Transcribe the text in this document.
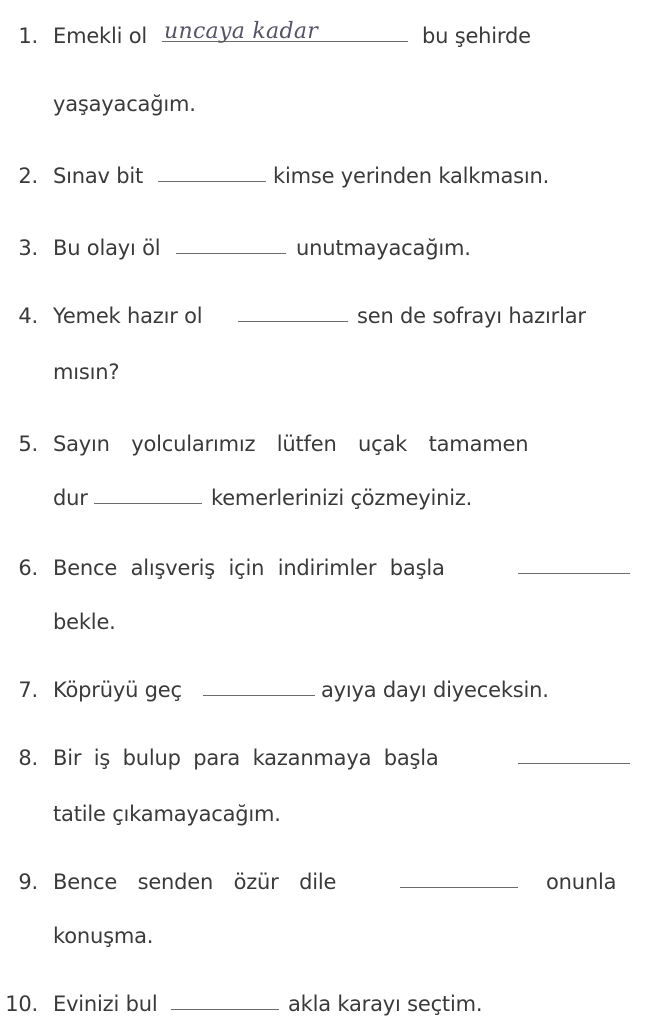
1. Emekli ol uncaya kadar	bu şehirde
yaşayacağım.
2. Sınav bit	kimse yerinden kalkmasın.
3. Bu olayı öl	unutmayacağım.
4. Yemek hazır ol	sen de sofrayı hazırlar
mısın?
5. Sayın yolcularımız lütfen uçak tamamen
dur	kemerlerinizi çözmeyiniz.
6. Bence alışveriş için indirimler başla
bekle.
7. Köprüyü geç	ayıya dayı diyeceksin.
8. Bir iş bulup para kazanmaya başla
tatile çıkamayacağım.
9. Bence senden özür dile	onunla
konuşma.
10. Evinizi bul	akla karayı seçtim.
